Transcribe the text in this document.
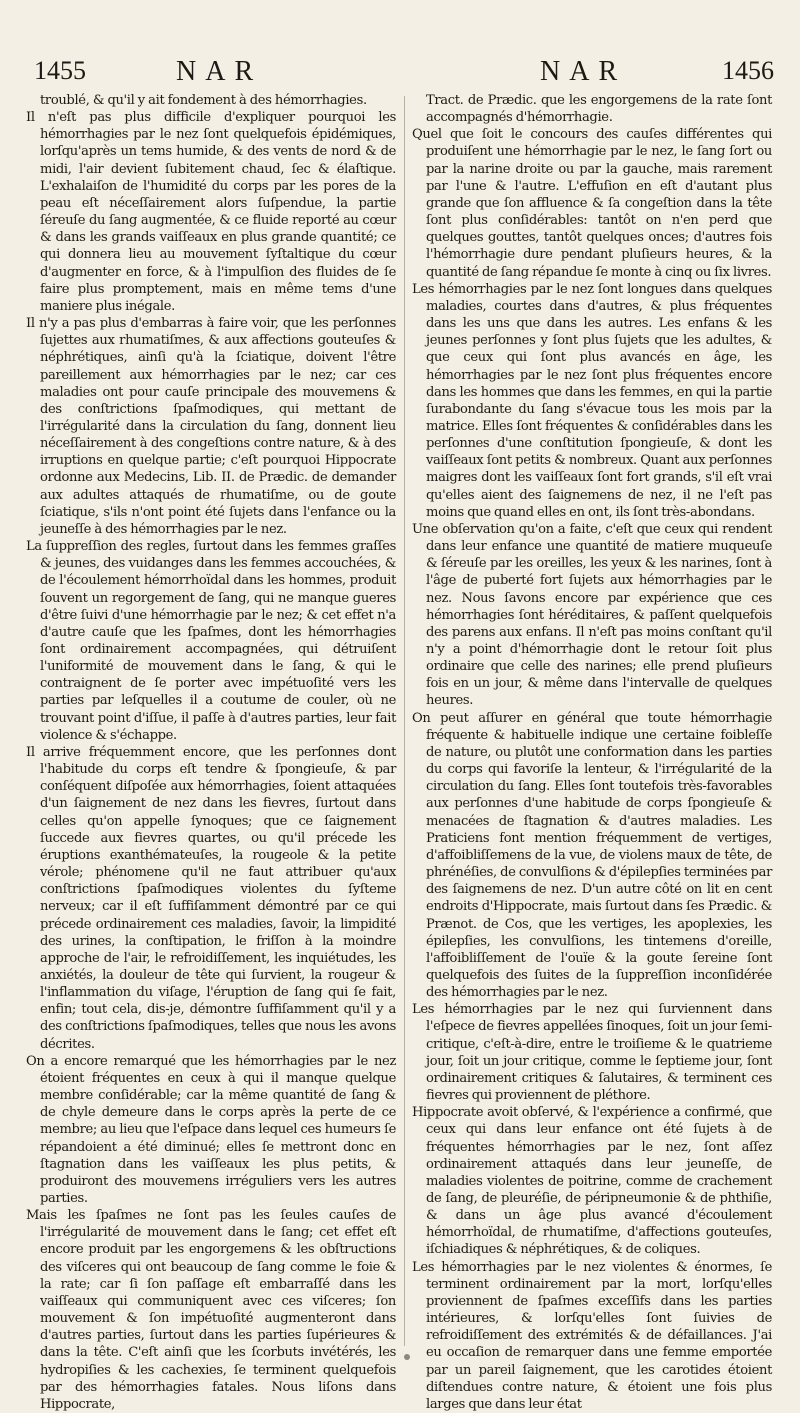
1455	NAR	NAR	1456

troublé, & qu'il y ait fondement à des hémorrhagies.

Il n'eſt pas plus difficile d'expliquer pourquoi les hémorrhagies par le nez ſont quelquefois épidémiques, lorſqu'après un tems humide, & des vents de nord & de midi, l'air devient ſubitement chaud, ſec & élaſtique. L'exhalaiſon de l'humidité du corps par les pores de la peau eſt néceſſairement alors ſuſpendue, la partie ſéreuſe du ſang augmentée, & ce fluide reporté au cœur & dans les grands vaiſſeaux en plus grande quantité; ce qui donnera lieu au mouvement ſyſtaltique du cœur d'augmenter en force, & à l'impulſion des fluides de ſe faire plus promptement, mais en même tems d'une maniere plus inégale.

Il n'y a pas plus d'embarras à faire voir, que les perſonnes ſujettes aux rhumatiſmes, & aux affections gouteuſes & néphrétiques, ainſi qu'à la ſciatique, doivent l'être pareillement aux hémorrhagies par le nez; car ces maladies ont pour cauſe principale des mouvemens & des conſtrictions ſpaſmodiques, qui mettant de l'irrégularité dans la circulation du ſang, donnent lieu néceſſairement à des congeſtions contre nature, & à des irruptions en quelque partie; c'eſt pourquoi Hippocrate ordonne aux Medecins, Lib. II. de Prædic. de demander aux adultes attaqués de rhumatiſme, ou de goute ſciatique, s'ils n'ont point été ſujets dans l'enfance ou la jeuneſſe à des hémorrhagies par le nez.

La ſuppreſſion des regles, ſurtout dans les femmes graſſes & jeunes, des vuidanges dans les femmes accouchées, & de l'écoulement hémorrhoïdal dans les hommes, produit ſouvent un regorgement de ſang, qui ne manque gueres d'être ſuivi d'une hémorrhagie par le nez; & cet effet n'a d'autre cauſe que les ſpaſmes, dont les hémorrhagies ſont ordinairement accompagnées, qui détruiſent l'uniformité de mouvement dans le ſang, & qui le contraignent de ſe porter avec impétuoſité vers les parties par leſquelles il a coutume de couler, où ne trouvant point d'iſſue, il paſſe à d'autres parties, leur fait violence & s'échappe.

Il arrive fréquemment encore, que les perſonnes dont l'habitude du corps eſt tendre & ſpongieuſe, & par conſéquent diſpoſée aux hémorrhagies, ſoient attaquées d'un ſaignement de nez dans les fievres, ſurtout dans celles qu'on appelle ſynoques; que ce ſaignement ſuccede aux fievres quartes, ou qu'il précede les éruptions exanthémateuſes, la rougeole & la petite vérole; phénomene qu'il ne faut attribuer qu'aux conſtrictions ſpaſmodiques violentes du ſyſteme nerveux; car il eſt ſuffiſamment démontré par ce qui précede ordinairement ces maladies, ſavoir, la limpidité des urines, la conſtipation, le friſſon à la moindre approche de l'air, le refroidiſſement, les inquiétudes, les anxiétés, la douleur de tête qui ſurvient, la rougeur & l'inflammation du viſage, l'éruption de ſang qui ſe fait, enfin; tout cela, dis-je, démontre ſuffiſamment qu'il y a des conſtrictions ſpaſmodiques, telles que nous les avons décrites.

On a encore remarqué que les hémorrhagies par le nez étoient fréquentes en ceux à qui il manque quelque membre conſidérable; car la même quantité de ſang & de chyle demeure dans le corps après la perte de ce membre; au lieu que l'eſpace dans lequel ces humeurs ſe répandoient a été diminué; elles ſe mettront donc en ſtagnation dans les vaiſſeaux les plus petits, & produiront des mouvemens irréguliers vers les autres parties.

Mais les ſpaſmes ne ſont pas les ſeules cauſes de l'irrégularité de mouvement dans le ſang; cet effet eſt encore produit par les engorgemens & les obſtructions des viſceres qui ont beaucoup de ſang comme le foie & la rate; car ſi ſon paſſage eſt embarraſſé dans les vaiſſeaux qui communiquent avec ces viſceres; ſon mouvement & ſon impétuoſité augmenteront dans d'autres parties, ſurtout dans les parties ſupérieures & dans la tête. C'eſt ainſi que les ſcorbuts invétérés, les hydropiſies & les cachexies, ſe terminent quelquefois par des hémorrhagies fatales. Nous liſons dans Hippocrate,

Tract. de Prædic. que les engorgemens de la rate ſont accompagnés d'hémorrhagie.

Quel que ſoit le concours des cauſes différentes qui produiſent une hémorrhagie par le nez, le ſang ſort ou par la narine droite ou par la gauche, mais rarement par l'une & l'autre. L'effuſion en eſt d'autant plus grande que ſon affluence & ſa congeſtion dans la tête ſont plus conſidérables: tantôt on n'en perd que quelques gouttes, tantôt quelques onces; d'autres fois l'hémorrhagie dure pendant pluſieurs heures, & la quantité de ſang répandue ſe monte à cinq ou ſix livres.

Les hémorrhagies par le nez ſont longues dans quelques maladies, courtes dans d'autres, & plus fréquentes dans les uns que dans les autres. Les enfans & les jeunes perſonnes y ſont plus ſujets que les adultes, & que ceux qui ſont plus avancés en âge, les hémorrhagies par le nez ſont plus fréquentes encore dans les hommes que dans les femmes, en qui la partie ſurabondante du ſang s'évacue tous les mois par la matrice. Elles ſont fréquentes & conſidérables dans les perſonnes d'une conſtitution ſpongieuſe, & dont les vaiſſeaux ſont petits & nombreux. Quant aux perſonnes maigres dont les vaiſſeaux ſont fort grands, s'il eſt vrai qu'elles aient des ſaignemens de nez, il ne l'eſt pas moins que quand elles en ont, ils ſont très-abondans.

Une obſervation qu'on a faite, c'eſt que ceux qui rendent dans leur enfance une quantité de matiere muqueuſe & ſéreuſe par les oreilles, les yeux & les narines, ſont à l'âge de puberté fort ſujets aux hémorrhagies par le nez. Nous ſavons encore par expérience que ces hémorrhagies ſont héréditaires, & paſſent quelquefois des parens aux enfans. Il n'eſt pas moins conſtant qu'il n'y a point d'hémorrhagie dont le retour ſoit plus ordinaire que celle des narines; elle prend pluſieurs fois en un jour, & même dans l'intervalle de quelques heures.

On peut aſſurer en général que toute hémorrhagie fréquente & habituelle indique une certaine foibleſſe de nature, ou plutôt une conformation dans les parties du corps qui favoriſe la lenteur, & l'irrégularité de la circulation du ſang. Elles ſont toutefois très-favorables aux perſonnes d'une habitude de corps ſpongieuſe & menacées de ſtagnation & d'autres maladies. Les Praticiens font mention fréquemment de vertiges, d'affoibliſſemens de la vue, de violens maux de tête, de phrénéſies, de convulſions & d'épilepſies terminées par des ſaignemens de nez. D'un autre côté on lit en cent endroits d'Hippocrate, mais ſurtout dans ſes Prædic. & Prænot. de Cos, que les vertiges, les apoplexies, les épilepſies, les convulſions, les tintemens d'oreille, l'affoibliſſement de l'ouïe & la goute ſereine ſont quelquefois des ſuites de la ſuppreſſion inconſidérée des hémorrhagies par le nez.

Les hémorrhagies par le nez qui ſurviennent dans l'eſpece de fievres appellées ſinoques, ſoit un jour ſemi-critique, c'eſt-à-dire, entre le troiſieme & le quatrieme jour, ſoit un jour critique, comme le ſeptieme jour, ſont ordinairement critiques & ſalutaires, & terminent ces fievres qui proviennent de pléthore.

Hippocrate avoit obſervé, & l'expérience a confirmé, que ceux qui dans leur enfance ont été ſujets à de fréquentes hémorrhagies par le nez, ſont aſſez ordinairement attaqués dans leur jeuneſſe, de maladies violentes de poitrine, comme de crachement de ſang, de pleuréſie, de péripneumonie & de phthiſie, & dans un âge plus avancé d'écoulement hémorrhoïdal, de rhumatiſme, d'affections gouteuſes, iſchiadiques & néphrétiques, & de coliques.

Les hémorrhagies par le nez violentes & énormes, ſe terminent ordinairement par la mort, lorſqu'elles proviennent de ſpaſmes exceſſifs dans les parties intérieures, & lorſqu'elles ſont ſuivies de refroidiſſement des extrémités & de défaillances. J'ai eu occaſion de remarquer dans une femme emportée par un pareil ſaignement, que les carotides étoient diſtendues contre nature, & étoient une fois plus larges que dans leur état
